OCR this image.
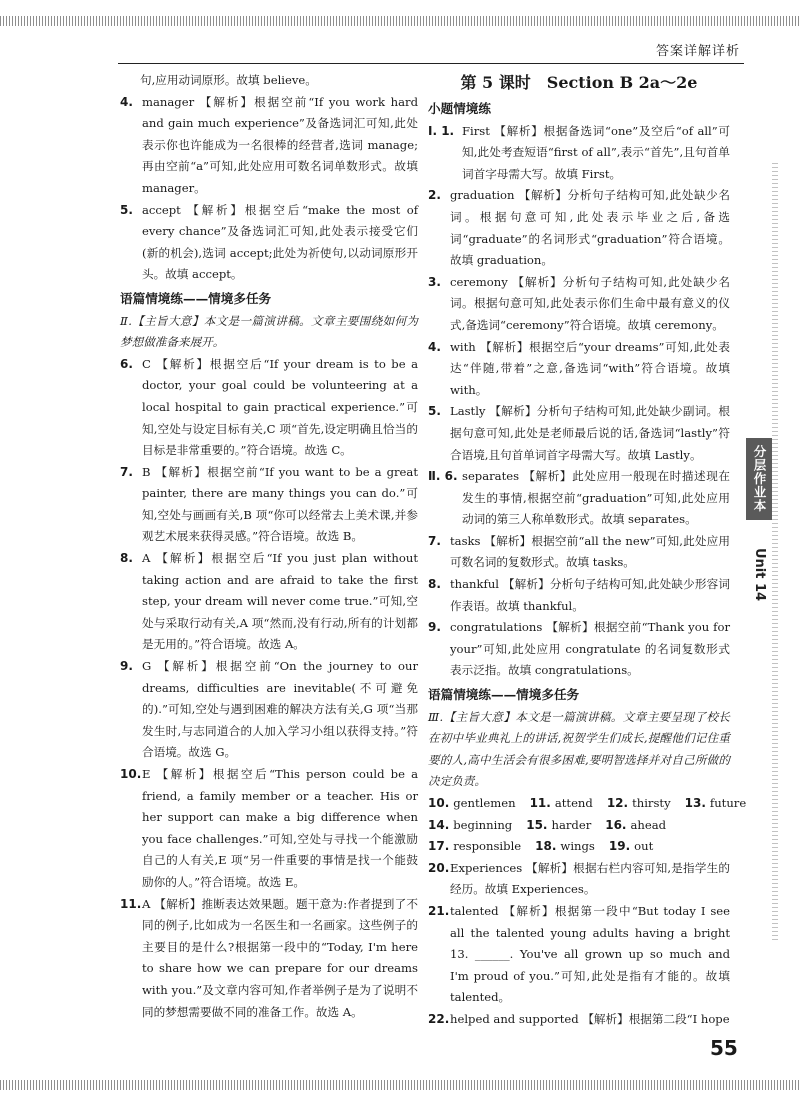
答案详解详析
句,应用动词原形。故填 believe。
4. manager 【解析】根据空前“If you work hard and gain much experience”及备选词汇可知,此处表示你也许能成为一名很棒的经营者,选词 manage;再由空前“a”可知,此处应用可数名词单数形式。故填 manager。
5. accept 【解析】根据空后“make the most of every chance”及备选词汇可知,此处表示接受它们(新的机会),选词 accept;此处为祈使句,以动词原形开头。故填 accept。
语篇情境练——情境多任务
Ⅱ.【主旨大意】本文是一篇演讲稿。文章主要围绕如何为梦想做准备来展开。
6. C 【解析】根据空后“If your dream is to be a doctor, your goal could be volunteering at a local hospital to gain practical experience.”可知,空处与设定目标有关,C 项“首先,设定明确且恰当的目标是非常重要的。”符合语境。故选 C。
7. B 【解析】根据空前“If you want to be a great painter, there are many things you can do.”可知,空处与画画有关,B 项“你可以经常去上美术课,并参观艺术展来获得灵感。”符合语境。故选 B。
8. A 【解析】根据空后“If you just plan without taking action and are afraid to take the first step, your dream will never come true.”可知,空处与采取行动有关,A 项“然而,没有行动,所有的计划都是无用的。”符合语境。故选 A。
9. G 【解析】根据空前“On the journey to our dreams, difficulties are inevitable(不可避免的).”可知,空处与遇到困难的解决方法有关,G 项“当那发生时,与志同道合的人加入学习小组以获得支持。”符合语境。故选 G。
10. E 【解析】根据空后“This person could be a friend, a family member or a teacher. His or her support can make a big difference when you face challenges.”可知,空处与寻找一个能激励自己的人有关,E 项“另一件重要的事情是找一个能鼓励你的人。”符合语境。故选 E。
11. A 【解析】推断表达效果题。题干意为:作者提到了不同的例子,比如成为一名医生和一名画家。这些例子的主要目的是什么?根据第一段中的“Today, I'm here to share how we can prepare for our dreams with you.”及文章内容可知,作者举例子是为了说明不同的梦想需要做不同的准备工作。故选 A。
第 5 课时　Section B 2a～2e
小题情境练
Ⅰ. 1. First 【解析】根据备选词“one”及空后“of all”可知,此处考查短语“first of all”,表示“首先”,且句首单词首字母需大写。故填 First。
2. graduation 【解析】分析句子结构可知,此处缺少名词。根据句意可知,此处表示毕业之后,备选词“graduate”的名词形式“graduation”符合语境。故填 graduation。
3. ceremony 【解析】分析句子结构可知,此处缺少名词。根据句意可知,此处表示你们生命中最有意义的仪式,备选词“ceremony”符合语境。故填 ceremony。
4. with 【解析】根据空后“your dreams”可知,此处表达“伴随,带着”之意,备选词“with”符合语境。故填 with。
5. Lastly 【解析】分析句子结构可知,此处缺少副词。根据句意可知,此处是老师最后说的话,备选词“lastly”符合语境,且句首单词首字母需大写。故填 Lastly。
Ⅱ. 6. separates 【解析】此处应用一般现在时描述现在发生的事情,根据空前“graduation”可知,此处应用动词的第三人称单数形式。故填 separates。
7. tasks 【解析】根据空前“all the new”可知,此处应用可数名词的复数形式。故填 tasks。
8. thankful 【解析】分析句子结构可知,此处缺少形容词作表语。故填 thankful。
9. congratulations 【解析】根据空前“Thank you for your”可知,此处应用 congratulate 的名词复数形式表示泛指。故填 congratulations。
语篇情境练——情境多任务
Ⅲ.【主旨大意】本文是一篇演讲稿。文章主要呈现了校长在初中毕业典礼上的讲话,祝贺学生们成长,提醒他们记住重要的人,高中生活会有很多困难,要明智选择并对自己所做的决定负责。
10. gentlemen 11. attend 12. thirsty 13. future
14. beginning 15. harder 16. ahead
17. responsible 18. wings 19. out
20. Experiences 【解析】根据右栏内容可知,是指学生的经历。故填 Experiences。
21. talented 【解析】根据第一段中“But today I see all the talented young adults having a bright 13. ______. You've all grown up so much and I'm proud of you.”可知,此处是指有才能的。故填 talented。
22. helped and supported 【解析】根据第二段“I hope
分层作业本
Unit 14
55
